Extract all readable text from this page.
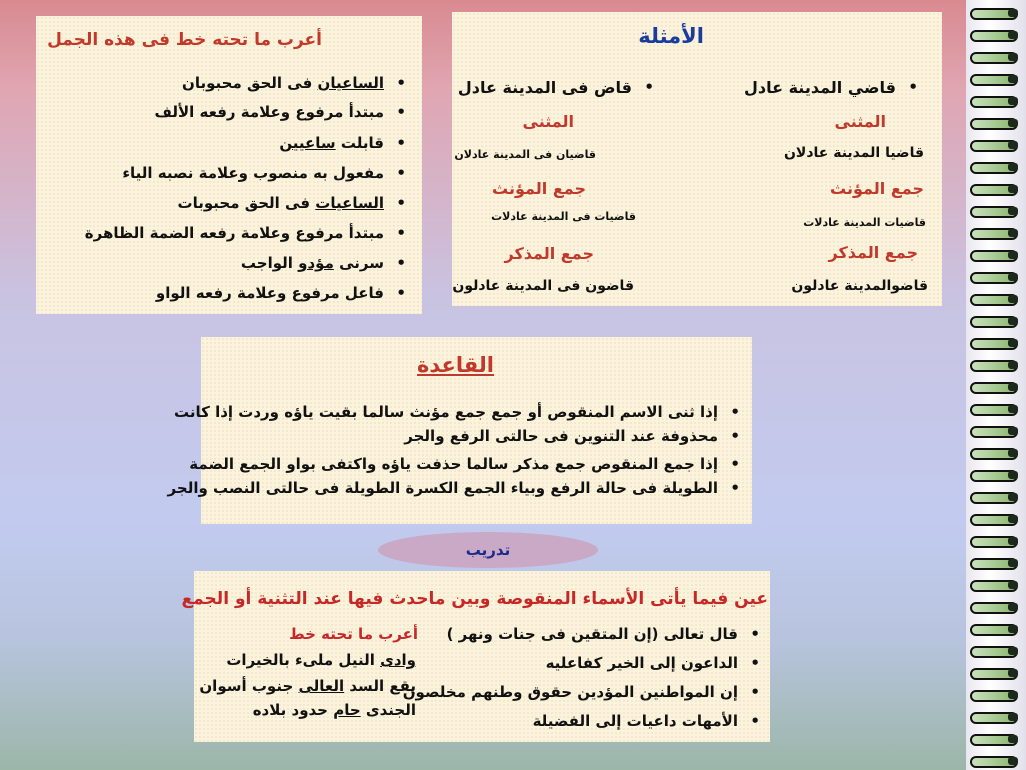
أعرب ما تحته خط فى هذه الجمل
• الساعيان فى الحق محبوبان
• مبتدأ مرفوع وعلامة رفعه الألف
• قابلت ساعيين
• مفعول به منصوب وعلامة نصبه الياء
• الساعيات فى الحق محبوبات
• مبتدأ مرفوع وعلامة رفعه الضمة الظاهرة
• سرنى مؤدو الواجب
• فاعل مرفوع وعلامة رفعه الواو
الأمثلة
• قاضي المدينة عادل
• قاض فى المدينة عادل
المثنى
قاضيا المدينة عادلان
جمع المؤنث
قاضيات المدينة عادلات
جمع المذكر
قاضوالمدينة عادلون
المثنى
قاضيان فى المدينة عادلان
جمع المؤنث
قاضيات فى المدينة عادلات
جمع المذكر
قاضون فى المدينة عادلون
القاعدة
• إذا ثنى الاسم المنقوص أو جمع جمع مؤنث سالما بقيت ياؤه وردت إذا كانت
• محذوفة عند التنوين فى حالتى الرفع والجر
• إذا جمع المنقوص جمع مذكر سالما حذفت ياؤه واكتفى بواو الجمع الضمة
• الطويلة فى حالة الرفع وبياء الجمع الكسرة الطويلة فى حالتى النصب والجر
تدريب
عين فيما يأتى الأسماء المنقوصة وبين ماحدث فيها عند التثنية أو الجمع
• قال تعالى (إن المتقين فى جنات ونهر )
• الداعون إلى الخير كفاعليه
• إن المواطنين المؤدين حقوق وطنهم مخلصون
• الأمهات داعيات إلى الفضيلة
أعرب ما تحته خط
وادى النيل ملىء بالخيرات
يقع السد العالى جنوب أسوان
الجندى حام حدود بلاده
